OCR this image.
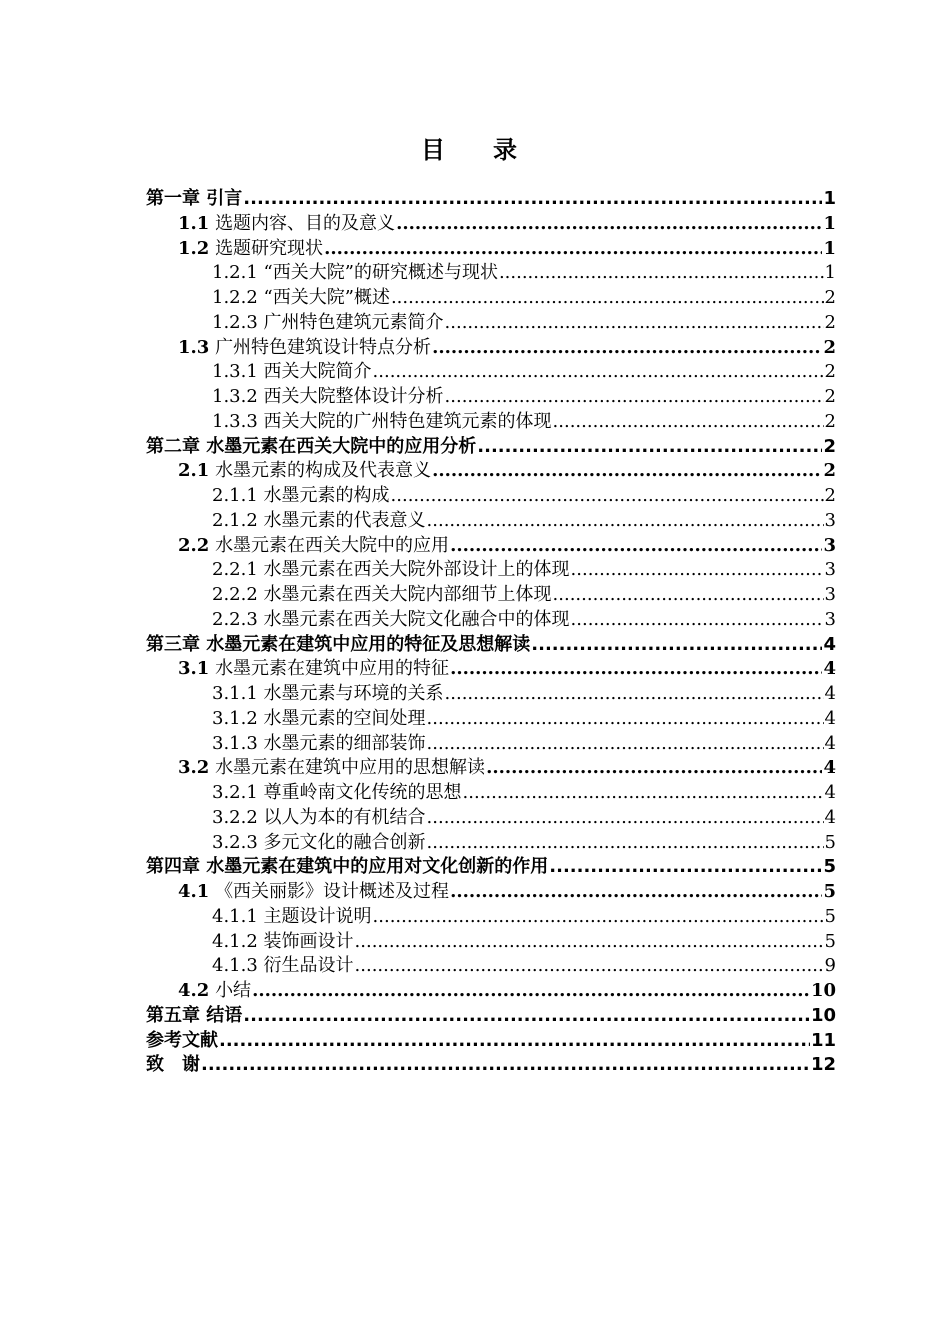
目　录
第一章 引言 .....	1
1.1 选题内容、目的及意义 .....	1
1.2 选题研究现状 .....	1
1.2.1 “西关大院”的研究概述与现状 .....	1
1.2.2 “西关大院”概述 .....	2
1.2.3 广州特色建筑元素简介 .....	2
1.3 广州特色建筑设计特点分析 .....	2
1.3.1 西关大院简介 .....	2
1.3.2 西关大院整体设计分析 .....	2
1.3.3 西关大院的广州特色建筑元素的体现 .....	2
第二章 水墨元素在西关大院中的应用分析 .....	2
2.1 水墨元素的构成及代表意义 .....	2
2.1.1 水墨元素的构成 .....	2
2.1.2 水墨元素的代表意义 .....	3
2.2 水墨元素在西关大院中的应用 .....	3
2.2.1 水墨元素在西关大院外部设计上的体现 .....	3
2.2.2 水墨元素在西关大院内部细节上体现 .....	3
2.2.3 水墨元素在西关大院文化融合中的体现 .....	3
第三章 水墨元素在建筑中应用的特征及思想解读 .....	4
3.1 水墨元素在建筑中应用的特征 .....	4
3.1.1 水墨元素与环境的关系 .....	4
3.1.2 水墨元素的空间处理 .....	4
3.1.3 水墨元素的细部装饰 .....	4
3.2 水墨元素在建筑中应用的思想解读 .....	4
3.2.1 尊重岭南文化传统的思想 .....	4
3.2.2 以人为本的有机结合 .....	4
3.2.3 多元文化的融合创新 .....	5
第四章 水墨元素在建筑中的应用对文化创新的作用 .....	5
4.1 《西关丽影》设计概述及过程 .....	5
4.1.1 主题设计说明 .....	5
4.1.2 装饰画设计 .....	5
4.1.3 衍生品设计 .....	9
4.2 小结 .....	10
第五章 结语 .....	10
参考文献 .....	11
致　谢 .....	12
